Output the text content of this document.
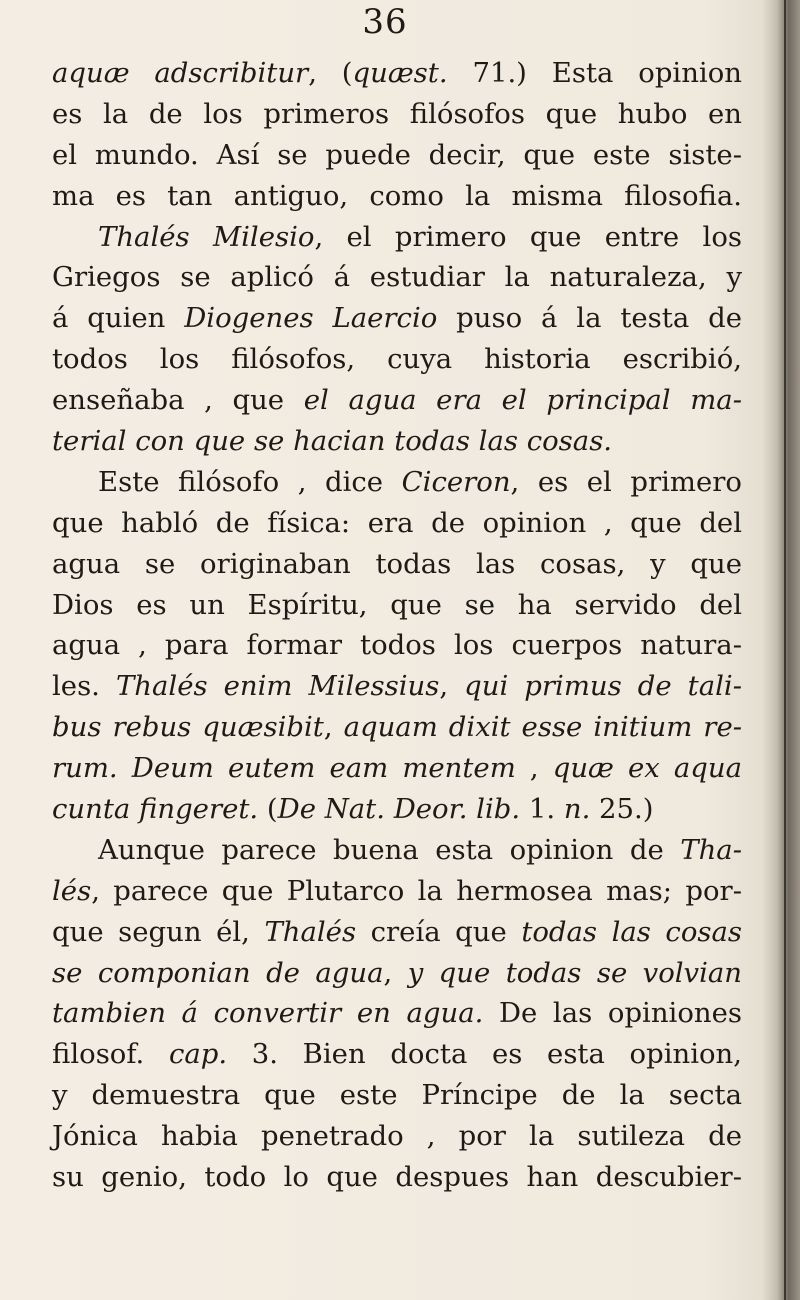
36
aquæ adscribitur, (quæst. 71.) Esta opinion
es la de los primeros filósofos que hubo en
el mundo. Así se puede decir, que este siste-
ma es tan antiguo, como la misma filosofia.
Thalés Milesio, el primero que entre los
Griegos se aplicó á estudiar la naturaleza, y
á quien Diogenes Laercio puso á la testa de
todos los filósofos, cuya historia escribió,
enseñaba , que el agua era el principal ma-
terial con que se hacian todas las cosas.
Este filósofo , dice Ciceron, es el primero
que habló de física: era de opinion , que del
agua se originaban todas las cosas, y que
Dios es un Espíritu, que se ha servido del
agua , para formar todos los cuerpos natura-
les. Thalés enim Milessius, qui primus de tali-
bus rebus quæsibit, aquam dixit esse initium re-
rum. Deum eutem eam mentem , quæ ex aqua
cunta fingeret. (De Nat. Deor. lib. 1. n. 25.)
Aunque parece buena esta opinion de Tha-
lés, parece que Plutarco la hermosea mas; por-
que segun él, Thalés creía que todas las cosas
se componian de agua, y que todas se volvian
tambien á convertir en agua. De las opiniones
filosof. cap. 3. Bien docta es esta opinion,
y demuestra que este Príncipe de la secta
Jónica habia penetrado , por la sutileza de
su genio, todo lo que despues han descubier-
